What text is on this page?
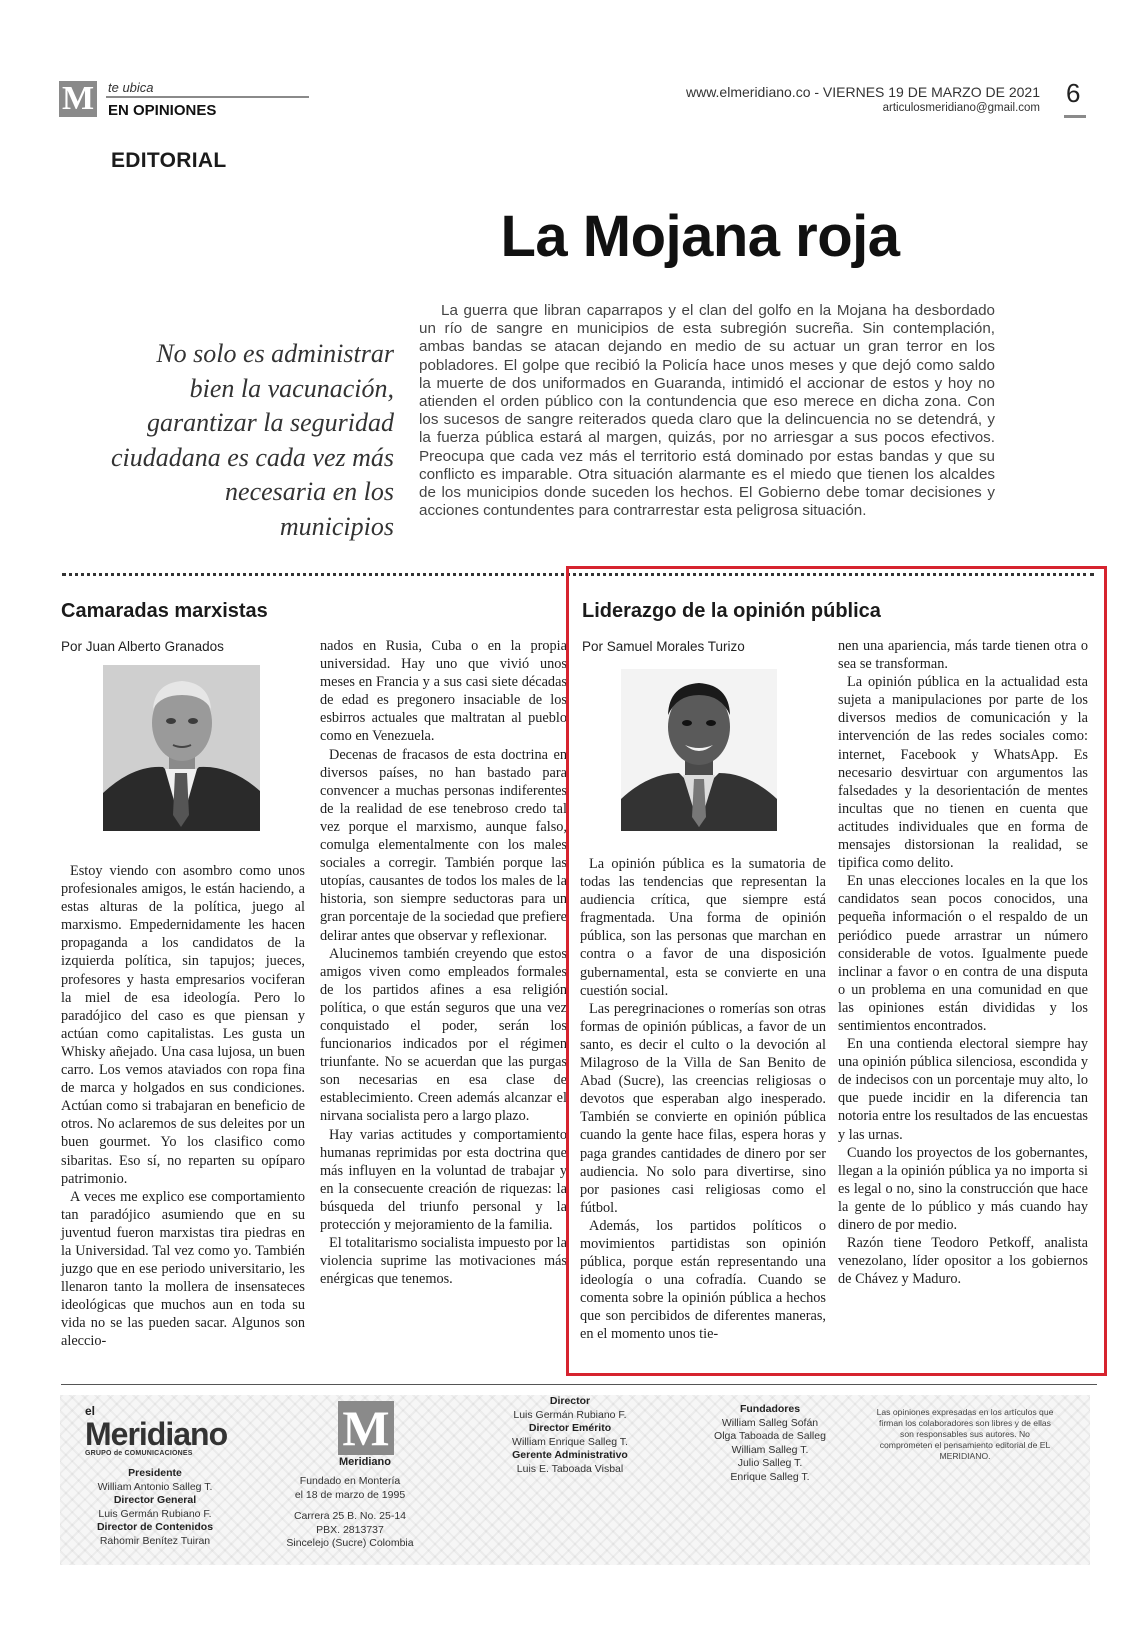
M te ubica
EN OPINIONES
www.elmeridiano.co - VIERNES 19 DE MARZO DE 2021
articulosmeridiano@gmail.com 6
EDITORIAL
La Mojana roja
No solo es administrar bien la vacunación, garantizar la seguridad ciudadana es cada vez más necesaria en los municipios

La guerra que libran caparrapos y el clan del golfo en la Mojana ha desbordado un río de sangre en municipios de esta subregión sucreña. Sin contemplación, ambas bandas se atacan dejando en medio de su actuar un gran terror en los pobladores. El golpe que recibió la Policía hace unos meses y que dejó como saldo la muerte de dos uniformados en Guaranda, intimidó el accionar de estos y hoy no atienden el orden público con la contundencia que eso merece en dicha zona. Con los sucesos de sangre reiterados queda claro que la delincuencia no se detendrá, y la fuerza pública estará al margen, quizás, por no arriesgar a sus pocos efectivos. Preocupa que cada vez más el territorio está dominado por estas bandas y que su conflicto es imparable. Otra situación alarmante es el miedo que tienen los alcaldes de los municipios donde suceden los hechos. El Gobierno debe tomar decisiones y acciones contundentes para contrarrestar esta peligrosa situación.

Camaradas marxistas
Por Juan Alberto Granados

Estoy viendo con asombro como unos profesionales amigos, le están haciendo, a estas alturas de la política, juego al marxismo. Empedernidamente les hacen propaganda a los candidatos de la izquierda política, sin tapujos; jueces, profesores y hasta empresarios vociferan la miel de esa ideología. Pero lo paradójico del caso es que piensan y actúan como capitalistas. Les gusta un Whisky añejado. Una casa lujosa, un buen carro. Los vemos ataviados con ropa fina de marca y holgados en sus condiciones. Actúan como si trabajaran en beneficio de otros. No aclaremos de sus deleites por un buen gourmet. Yo los clasifico como sibaritas. Eso sí, no reparten su opíparo patrimonio.

A veces me explico ese comportamiento tan paradójico asumiendo que en su juventud fueron marxistas tira piedras en la Universidad. Tal vez como yo. También juzgo que en ese periodo universitario, les llenaron tanto la mollera de insensateces ideológicas que muchos aun en toda su vida no se las pueden sacar. Algunos son aleccio-

nados en Rusia, Cuba o en la propia universidad. Hay uno que vivió unos meses en Francia y a sus casi siete décadas de edad es pregonero insaciable de los esbirros actuales que maltratan al pueblo como en Venezuela.

Decenas de fracasos de esta doctrina en diversos países, no han bastado para convencer a muchas personas indiferentes de la realidad de ese tenebroso credo tal vez porque el marxismo, aunque falso, comulga elementalmente con los males sociales a corregir. También porque las utopías, causantes de todos los males de la historia, son siempre seductoras para un gran porcentaje de la sociedad que prefiere delirar antes que observar y reflexionar.

Alucinemos también creyendo que estos amigos viven como empleados formales de los partidos afines a esa religión política, o que están seguros que una vez conquistado el poder, serán los funcionarios indicados por el régimen triunfante. No se acuerdan que las purgas son necesarias en esa clase de establecimiento. Creen además alcanzar el nirvana socialista pero a largo plazo.

Hay varias actitudes y comportamiento humanas reprimidas por esta doctrina que más influyen en la voluntad de trabajar y en la consecuente creación de riquezas: la búsqueda del triunfo personal y la protección y mejoramiento de la familia.

El totalitarismo socialista impuesto por la violencia suprime las motivaciones más enérgicas que tenemos.

Liderazgo de la opinión pública
Por Samuel Morales Turizo

La opinión pública es la sumatoria de todas las tendencias que representan la audiencia crítica, que siempre está fragmentada. Una forma de opinión pública, son las personas que marchan en contra o a favor de una disposición gubernamental, esta se convierte en una cuestión social.

Las peregrinaciones o romerías son otras formas de opinión públicas, a favor de un santo, es decir el culto o la devoción al Milagroso de la Villa de San Benito de Abad (Sucre), las creencias religiosas o devotos que esperaban algo inesperado. También se convierte en opinión pública cuando la gente hace filas, espera horas y paga grandes cantidades de dinero por ser audiencia. No solo para divertirse, sino por pasiones casi religiosas como el fútbol.

Además, los partidos políticos o movimientos partidistas son opinión pública, porque están representando una ideología o una cofradía. Cuando se comenta sobre la opinión pública a hechos que son percibidos de diferentes maneras, en el momento unos tie-

nen una apariencia, más tarde tienen otra o sea se transforman.

La opinión pública en la actualidad esta sujeta a manipulaciones por parte de los diversos medios de comunicación y la intervención de las redes sociales como: internet, Facebook y WhatsApp. Es necesario desvirtuar con argumentos las falsedades y la desorientación de mentes incultas que no tienen en cuenta que actitudes individuales que en forma de mensajes distorsionan la realidad, se tipifica como delito.

En unas elecciones locales en la que los candidatos sean pocos conocidos, una pequeña información o el respaldo de un periódico puede arrastrar un número considerable de votos. Igualmente puede inclinar a favor o en contra de una disputa o un problema en una comunidad en que las opiniones están divididas y los sentimientos encontrados.

En una contienda electoral siempre hay una opinión pública silenciosa, escondida y de indecisos con un porcentaje muy alto, lo que puede incidir en la diferencia tan notoria entre los resultados de las encuestas y las urnas.

Cuando los proyectos de los gobernantes, llegan a la opinión pública ya no importa si es legal o no, sino la construcción que hace la gente de lo público y más cuando hay dinero de por medio.

Razón tiene Teodoro Petkoff, analista venezolano, líder opositor a los gobiernos de Chávez y Maduro.

el
Meridiano
GRUPO de COMUNICACIONES
Presidente
William Antonio Salleg T.
Director General
Luis Germán Rubiano F.
Director de Contenidos
Rahomir Benítez Tuiran
M
Meridiano
Fundado en Montería
el 18 de marzo de 1995
Carrera 25 B. No. 25-14
PBX. 2813737
Sincelejo (Sucre) Colombia
Director
Luis Germán Rubiano F.
Director Emérito
William Enrique Salleg T.
Gerente Administrativo
Luis E. Taboada Visbal
Fundadores
William Salleg Sofán
Olga Taboada de Salleg
William Salleg T.
Julio Salleg T.
Enrique Salleg T.
Las opiniones expresadas en los artículos que firman los colaboradores son libres y de ellas son responsables sus autores. No comprometen el pensamiento editorial de EL MERIDIANO.
